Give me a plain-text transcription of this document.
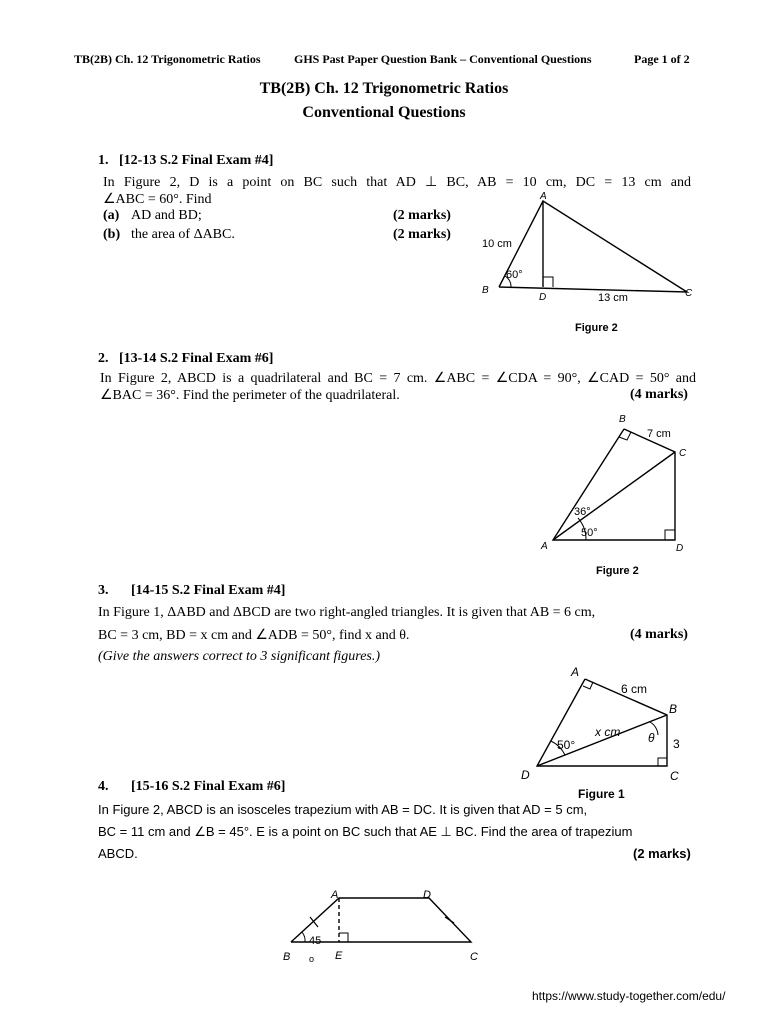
TB(2B) Ch. 12 Trigonometric Ratios	GHS Past Paper Question Bank – Conventional Questions	Page 1 of 2
TB(2B) Ch. 12 Trigonometric Ratios
Conventional Questions
1. [12-13 S.2 Final Exam #4]
In Figure 2, D is a point on BC such that AD ⊥ BC, AB = 10 cm, DC = 13 cm and
∠ABC = 60°. Find
(a) AD and BD;	(2 marks)
(b) the area of ΔABC.	(2 marks)
A
B
D	C
10 cm
60°
13 cm
Figure 2
2. [13-14 S.2 Final Exam #6]
In Figure 2, ABCD is a quadrilateral and BC = 7 cm. ∠ABC = ∠CDA = 90°, ∠CAD = 50° and
∠BAC = 36°. Find the perimeter of the quadrilateral.	(4 marks)
B
C
A	D
7 cm
36°
50°
Figure 2
3. [14-15 S.2 Final Exam #4]
In Figure 1, ΔABD and ΔBCD are two right-angled triangles. It is given that AB = 6 cm,
BC = 3 cm, BD = x cm and ∠ADB = 50°, find x and θ.	(4 marks)
(Give the answers correct to 3 significant figures.)
A
B
C
D
6 cm
x cm
3
50°	θ
Figure 1
4. [15-16 S.2 Final Exam #6]
In Figure 2, ABCD is an isosceles trapezium with AB = DC. It is given that AD = 5 cm,
BC = 11 cm and ∠B = 45°. E is a point on BC such that AE ⊥ BC. Find the area of trapezium
ABCD.	(2 marks)
A	D
B	E	C
45
o
https://www.study-together.com/edu/
